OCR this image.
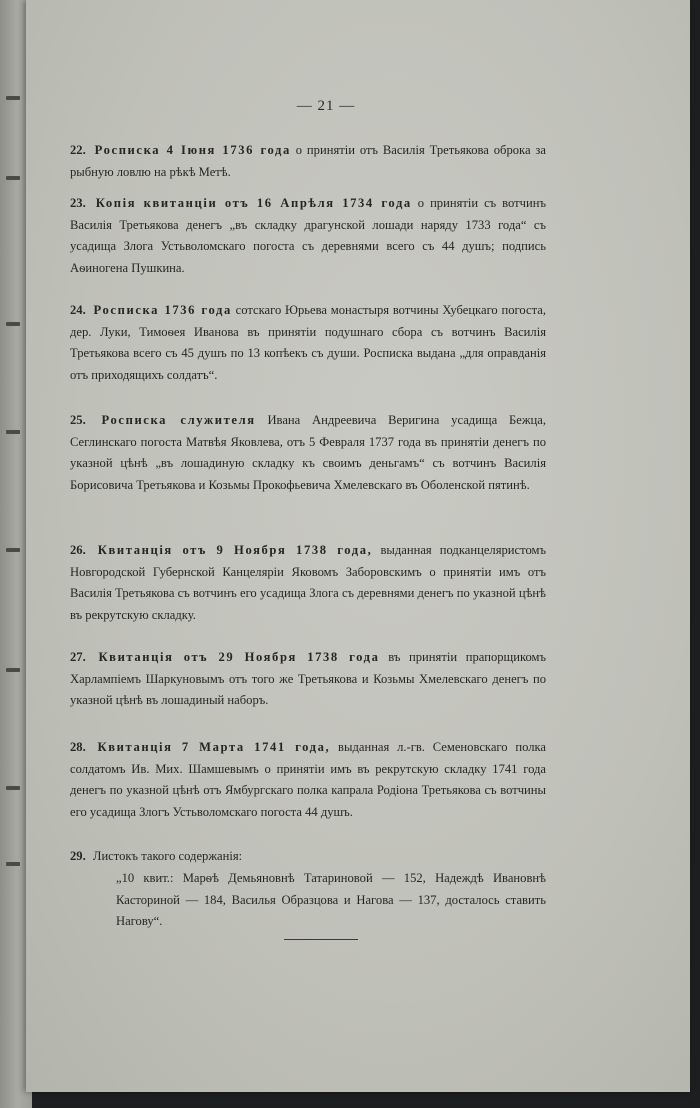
— 21 —
22. Росписка 4 Іюня 1736 года о принятіи отъ Василія Третьякова оброка за рыбную ловлю на рѣкѣ Метѣ.
23. Копія квитанціи отъ 16 Апрѣля 1734 года о принятіи съ вотчинъ Василія Третьякова денегъ „въ складку драгунской лошади наряду 1733 года“ съ усадища Злога Устьволомскаго погоста съ деревнями всего съ 44 душъ; подпись Аѳиногена Пушкина.
24. Росписка 1736 года сотскаго Юрьева монастыря вотчины Хубецкаго погоста, дер. Луки, Тимоѳея Иванова въ принятіи подушнаго сбора съ вотчинъ Василія Третьякова всего съ 45 душъ по 13 копѣекъ съ души. Росписка выдана „для оправданія отъ приходящихъ солдатъ“.
25. Росписка служителя Ивана Андреевича Веригина усадища Бежца, Сеглинскаго погоста Матвѣя Яковлева, отъ 5 Февраля 1737 года въ принятіи денегъ по указной цѣнѣ „въ лошадиную складку къ своимъ деньгамъ“ съ вотчинъ Василія Борисовича Третьякова и Козьмы Прокофьевича Хмелевскаго въ Оболенской пятинѣ.
26. Квитанція отъ 9 Ноября 1738 года, выданная подканцеляристомъ Новгородской Губернской Канцеляріи Яковомъ Заборовскимъ о принятіи имъ отъ Василія Третьякова съ вотчинъ его усадища Злога съ деревнями денегъ по указной цѣнѣ въ рекрутскую складку.
27. Квитанція отъ 29 Ноября 1738 года въ принятіи прапорщикомъ Харлампіемъ Шаркуновымъ отъ того же Третьякова и Козьмы Хмелевскаго денегъ по указной цѣнѣ въ лошадиный наборъ.
28. Квитанція 7 Марта 1741 года, выданная л.-гв. Семеновскаго полка солдатомъ Ив. Мих. Шамшевымъ о принятіи имъ въ рекрутскую складку 1741 года денегъ по указной цѣнѣ отъ Ямбургскаго полка капрала Родіона Третьякова съ вотчины его усадища Злогъ Устьволомскаго погоста 44 душъ.
29. Листокъ такого содержанія:
„10 квит.: Марѳѣ Демьяновнѣ Татариновой — 152, Надеждѣ Ивановнѣ Касториной — 184, Василья Образцова и Нагова — 137, досталось ставить Нагову“.
